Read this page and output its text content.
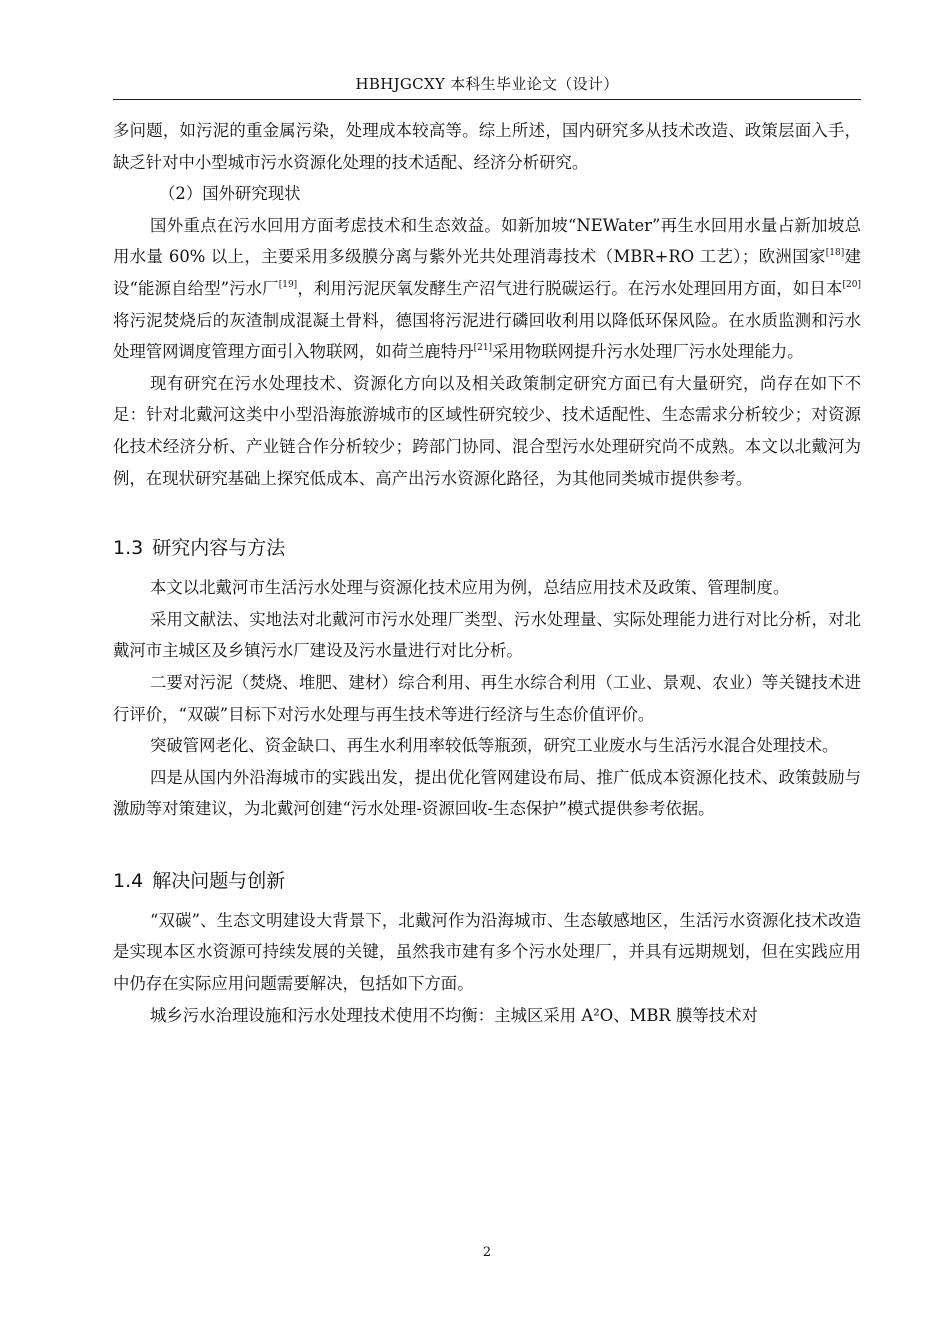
HBHJGCXY 本科生毕业论文（设计）

多问题，如污泥的重金属污染，处理成本较高等。综上所述，国内研究多从技术改造、政策层面入手，缺乏针对中小型城市污水资源化处理的技术适配、经济分析研究。

（2）国外研究现状

国外重点在污水回用方面考虑技术和生态效益。如新加坡“NEWater”再生水回用水量占新加坡总用水量 60% 以上，主要采用多级膜分离与紫外光共处理消毒技术（MBR+RO 工艺）；欧洲国家[18]建设“能源自给型”污水厂[19]，利用污泥厌氧发酵生产沼气进行脱碳运行。在污水处理回用方面，如日本[20]将污泥焚烧后的灰渣制成混凝土骨料，德国将污泥进行磷回收利用以降低环保风险。在水质监测和污水处理管网调度管理方面引入物联网，如荷兰鹿特丹[21]采用物联网提升污水处理厂污水处理能力。

现有研究在污水处理技术、资源化方向以及相关政策制定研究方面已有大量研究，尚存在如下不足：针对北戴河这类中小型沿海旅游城市的区域性研究较少、技术适配性、生态需求分析较少；对资源化技术经济分析、产业链合作分析较少；跨部门协同、混合型污水处理研究尚不成熟。本文以北戴河为例，在现状研究基础上探究低成本、高产出污水资源化路径，为其他同类城市提供参考。

1.3 研究内容与方法

本文以北戴河市生活污水处理与资源化技术应用为例，总结应用技术及政策、管理制度。

采用文献法、实地法对北戴河市污水处理厂类型、污水处理量、实际处理能力进行对比分析，对北戴河市主城区及乡镇污水厂建设及污水量进行对比分析。

二要对污泥（焚烧、堆肥、建材）综合利用、再生水综合利用（工业、景观、农业）等关键技术进行评价，“双碳”目标下对污水处理与再生技术等进行经济与生态价值评价。

突破管网老化、资金缺口、再生水利用率较低等瓶颈，研究工业废水与生活污水混合处理技术。

四是从国内外沿海城市的实践出发，提出优化管网建设布局、推广低成本资源化技术、政策鼓励与激励等对策建议，为北戴河创建“污水处理-资源回收-生态保护”模式提供参考依据。

1.4 解决问题与创新

“双碳”、生态文明建设大背景下，北戴河作为沿海城市、生态敏感地区，生活污水资源化技术改造是实现本区水资源可持续发展的关键，虽然我市建有多个污水处理厂，并具有远期规划，但在实践应用中仍存在实际应用问题需要解决，包括如下方面。

城乡污水治理设施和污水处理技术使用不均衡：主城区采用 A²O、MBR 膜等技术对

2
